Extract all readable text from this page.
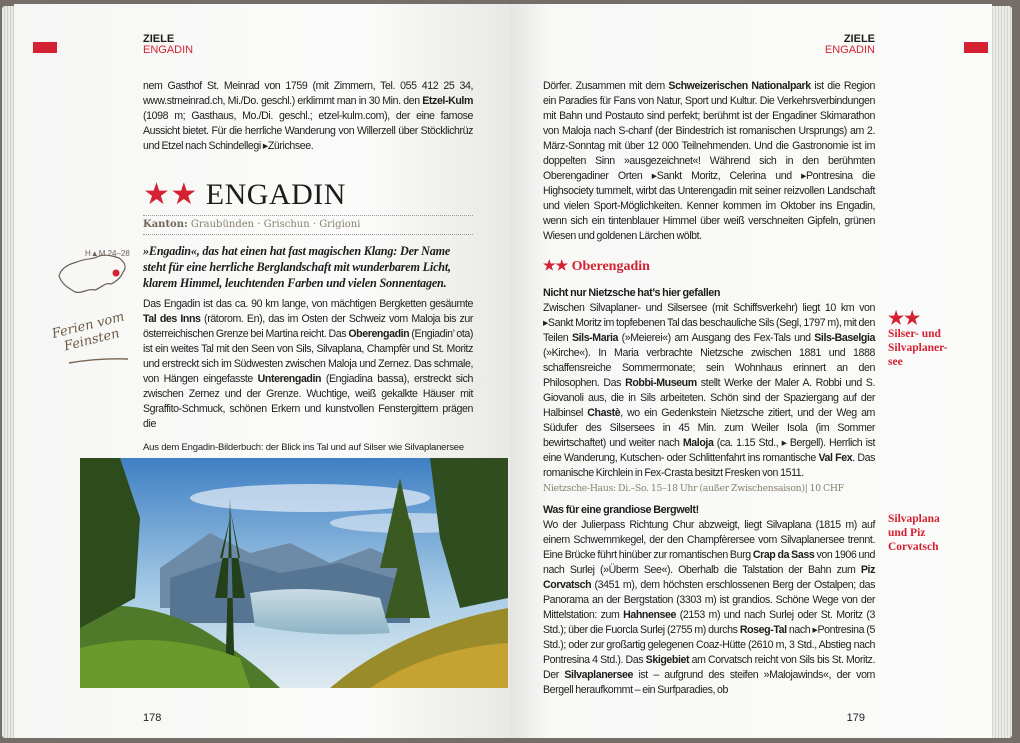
H▲M 24–28
Ferien vom Feinsten
ZIELE
ENGADIN
nem Gasthof St. Meinrad von 1759 (mit Zimmern, Tel. 055 412 25 34, www.stmeinrad.ch, Mi./Do. geschl.) erklimmt man in 30 Min. den Etzel-Kulm (1098 m; Gasthaus, Mo./Di. geschl.; etzel-kulm.com), der eine famose Aussicht bietet. Für die herrliche Wanderung von Willerzell über Stöcklichrüz und Etzel nach Schindellegi ▸Zürichsee.
★★ ENGADIN
Kanton: Graubünden · Grischun · Grigioni
»Engadin«, das hat einen hat fast magischen Klang: Der Name steht für eine herrliche Berglandschaft mit wunderbarem Licht, klarem Himmel, leuchtenden Farben und vielen Sonnentagen.
Das Engadin ist das ca. 90 km lange, von mächtigen Bergketten gesäumte Tal des Inns (rätorom. En), das im Osten der Schweiz vom Maloja bis zur österreichischen Grenze bei Martina reicht. Das Oberengadin (Engiadin’ ota) ist ein weites Tal mit den Seen von Sils, Silvaplana, Champfèr und St. Moritz und erstreckt sich im Südwesten zwischen Maloja und Zernez. Das schmale, von Hängen eingefasste Unterengadin (Engiadina bassa), erstreckt sich zwischen Zernez und der Grenze. Wuchtige, weiß gekalkte Häuser mit Sgraffito-Schmuck, schönen Erkern und kunstvollen Fenstergittern prägen die
Aus dem Engadin-Bilderbuch: der Blick ins Tal und auf Silser wie Silvaplanersee
178
ZIELE
ENGADIN
Dörfer. Zusammen mit dem Schweizerischen Nationalpark ist die Region ein Paradies für Fans von Natur, Sport und Kultur. Die Verkehrsverbindungen mit Bahn und Postauto sind perfekt; berühmt ist der Engadiner Skimarathon von Maloja nach S-chanf (der Bindestrich ist romanischen Ursprungs) am 2. März-Sonntag mit über 12 000 Teilnehmenden. Und die Gastronomie ist im doppelten Sinn »ausgezeichnet«! Während sich in den berühmten Oberengadiner Orten ▸Sankt Moritz, Celerina und ▸Pontresina die Highsociety tummelt, wirbt das Unterengadin mit seiner reizvollen Landschaft und vielen Sport-Möglichkeiten. Kenner kommen im Oktober ins Engadin, wenn sich ein tintenblauer Himmel über weiß verschneiten Gipfeln, grünen Wiesen und goldenen Lärchen wölbt.
★★ Oberengadin

Nicht nur Nietzsche hat’s hier gefallen

Zwischen Silvaplaner- und Silsersee (mit Schiffsverkehr) liegt 10 km von ▸Sankt Moritz im topfebenen Tal das beschauliche Sils (Segl, 1797 m), mit den Teilen Sils-Maria (»Meierei«) am Ausgang des Fex-Tals und Sils-Baselgia (»Kirche«). In Maria verbrachte Nietzsche zwischen 1881 und 1888 schaffensreiche Sommermonate; sein Wohnhaus erinnert an den Philosophen. Das Robbi-Museum stellt Werke der Maler A. Robbi und S. Giovanoli aus, die in Sils arbeiteten. Schön sind der Spaziergang auf der Halbinsel Chastè, wo ein Gedenkstein Nietzsche zitiert, und der Weg am Südufer des Silsersees in 45 Min. zum Weiler Isola (im Sommer bewirtschaftet) und weiter nach Maloja (ca. 1.15 Std., ▸ Bergell). Herrlich ist eine Wanderung, Kutschen- oder Schlittenfahrt ins romantische Val Fex. Das romanische Kirchlein in Fex-Crasta besitzt Fresken von 1511.

Nietzsche-Haus: Di.–So. 15–18 Uhr (außer Zwischensaison)| 10 CHF

Was für eine grandiose Bergwelt!

Wo der Julierpass Richtung Chur abzweigt, liegt Silvaplana (1815 m) auf einem Schwemmkegel, der den Champfèrersee vom Silvaplanersee trennt. Eine Brücke führt hinüber zur romantischen Burg Crap da Sass von 1906 und nach Surlej (»Überm See«). Oberhalb die Talstation der Bahn zum Piz Corvatsch (3451 m), dem höchsten erschlossenen Berg der Ostalpen; das Panorama an der Bergstation (3303 m) ist grandios. Schöne Wege von der Mittelstation: zum Hahnensee (2153 m) und nach Surlej oder St. Moritz (3 Std.); über die Fuorcla Surlej (2755 m) durchs Roseg-Tal nach ▸Pontresina (5 Std.); oder zur großartig gelegenen Coaz-Hütte (2610 m, 3 Std., Abstieg nach Pontresina 4 Std.). Das Skigebiet am Corvatsch reicht von Sils bis St. Moritz. Der Silvaplanersee ist – aufgrund des steifen »Malojawinds«, der vom Bergell heraufkommt – ein Surfparadies, ob

179
★★
Silser- und Silvaplaner-see
Silvaplana und Piz Corvatsch
